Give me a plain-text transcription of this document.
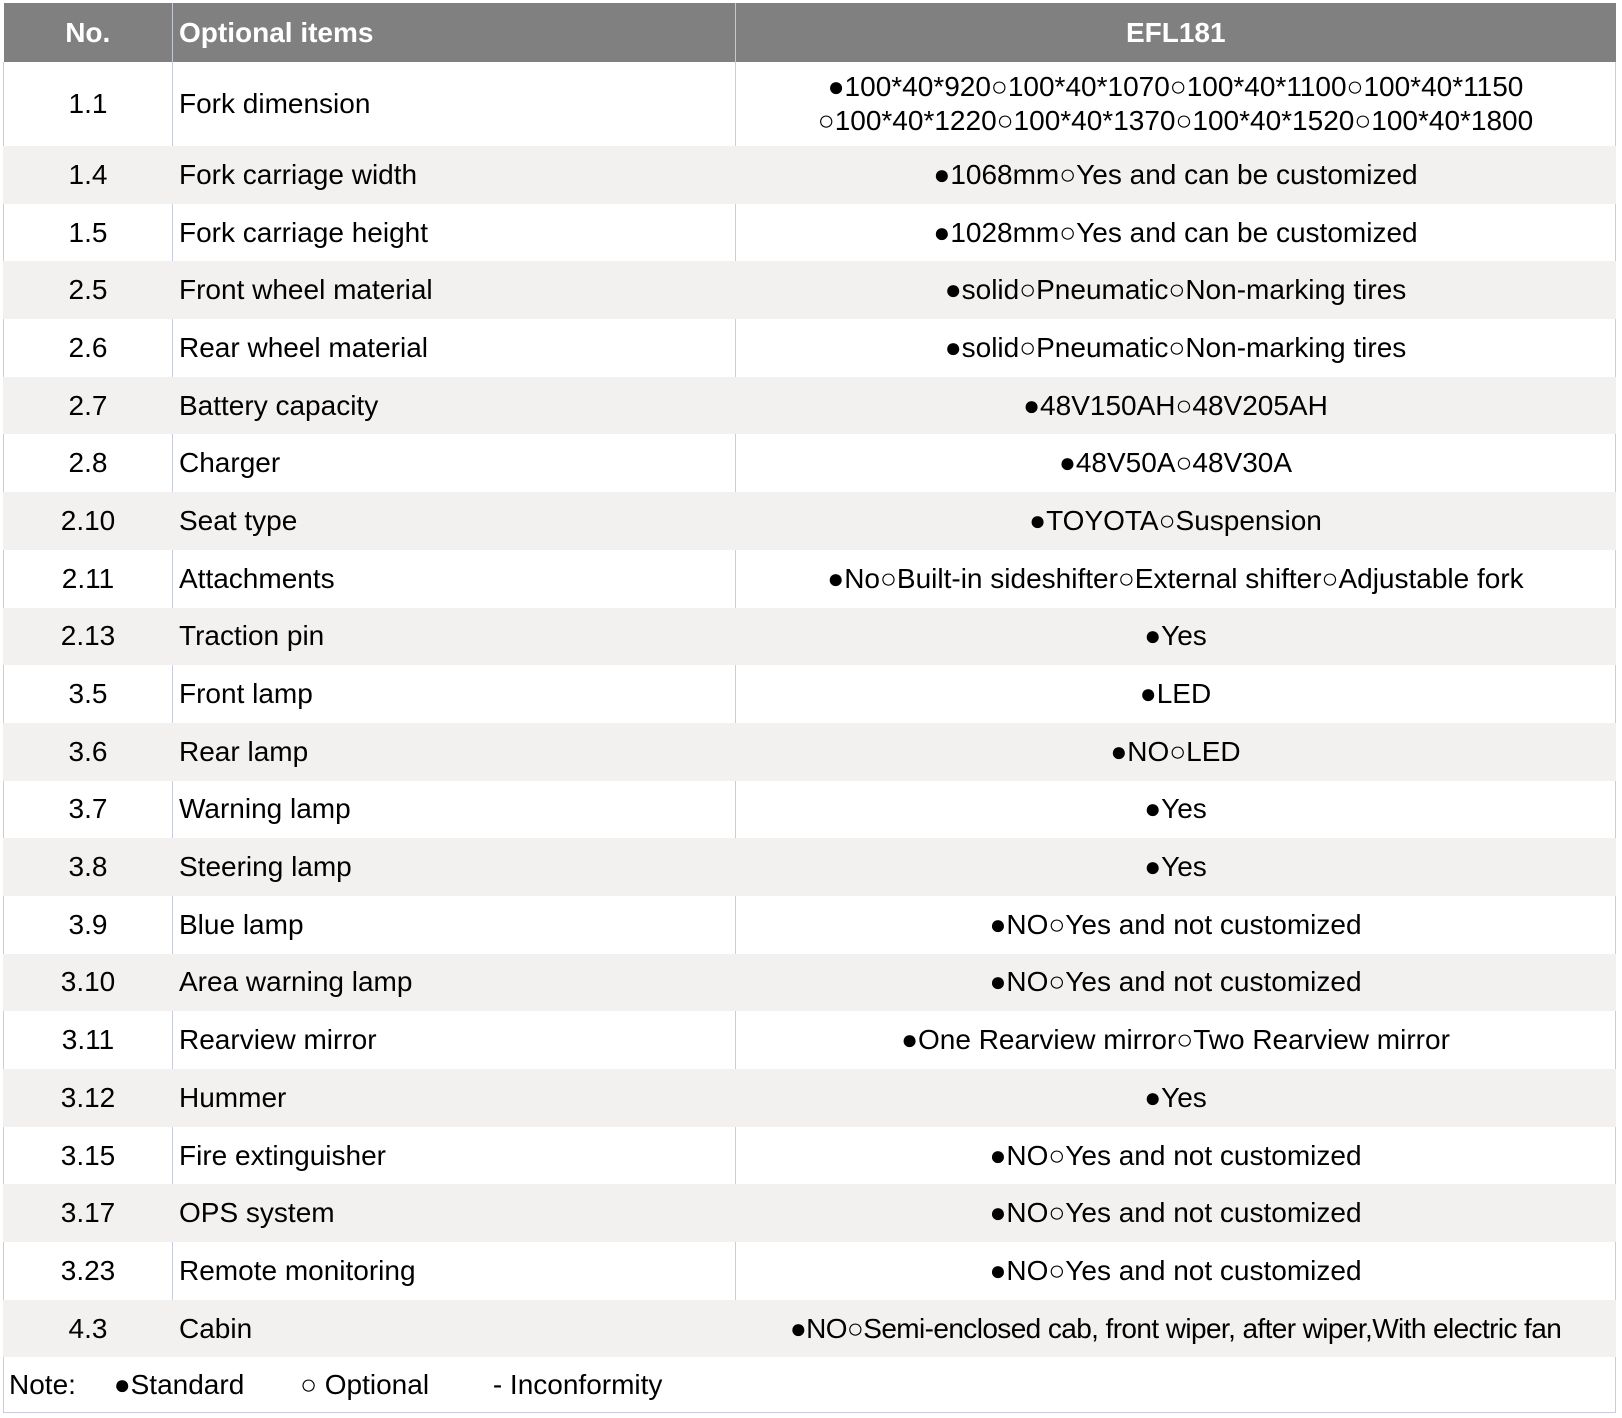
No.	Optional items	EFL181
1.1	Fork dimension	●100*40*920○100*40*1070○100*40*1100○100*40*1150
○100*40*1220○100*40*1370○100*40*1520○100*40*1800

1.4	Fork carriage width	●1068mm○Yes and can be customized
1.5	Fork carriage height	●1028mm○Yes and can be customized
2.5	Front wheel material	●solid○Pneumatic○Non-marking tires
2.6	Rear wheel material	●solid○Pneumatic○Non-marking tires
2.7	Battery capacity	●48V150AH○48V205AH
2.8	Charger	●48V50A○48V30A
2.10	Seat type	●TOYOTA○Suspension
2.11	Attachments	●No○Built-in sideshifter○External shifter○Adjustable fork
2.13	Traction pin	●Yes
3.5	Front lamp	●LED
3.6	Rear lamp	●NO○LED
3.7	Warning lamp	●Yes
3.8	Steering lamp	●Yes
3.9	Blue lamp	●NO○Yes and not customized
3.10	Area warning lamp	●NO○Yes and not customized
3.11	Rearview mirror	●One Rearview mirror○Two Rearview mirror
3.12	Hummer	●Yes
3.15	Fire extinguisher	●NO○Yes and not customized
3.17	OPS system	●NO○Yes and not customized
3.23	Remote monitoring	●NO○Yes and not customized
4.3	Cabin	●NO○Semi-enclosed cab, front wiper, after wiper,With electric fan
Note: ●Standard ○ Optional - Inconformity		
